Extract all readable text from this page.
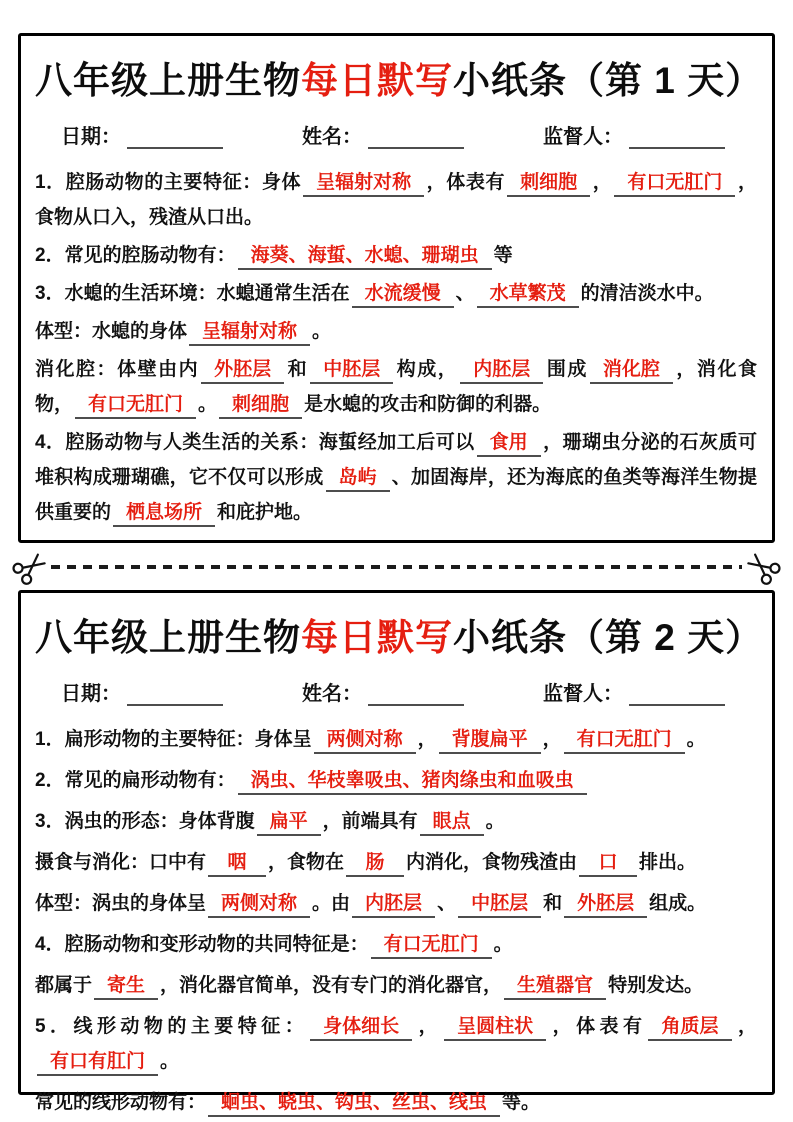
八年级上册生物每日默写小纸条（第 1 天）
日期：	姓名：	监督人：

1．腔肠动物的主要特征：身体 呈辐射对称 ，体表有 刺细胞 ， 有口无肛门 ，食物从口入，残渣从口出。

2．常见的腔肠动物有： 海葵、海蜇、水螅、珊瑚虫 等

3．水螅的生活环境：水螅通常生活在 水流缓慢 、 水草繁茂 的清洁淡水中。

体型：水螅的身体 呈辐射对称 。

消化腔：体壁由内 外胚层 和 中胚层 构成， 内胚层 围成 消化腔 ，消化食物， 有口无肛门 。 刺细胞 是水螅的攻击和防御的利器。

4．腔肠动物与人类生活的关系：海蜇经加工后可以 食用 ，珊瑚虫分泌的石灰质可堆积构成珊瑚礁，它不仅可以形成 岛屿 、加固海岸，还为海底的鱼类等海洋生物提供重要的 栖息场所 和庇护地。

八年级上册生物每日默写小纸条（第 2 天）
日期：	姓名：	监督人：

1．扁形动物的主要特征：身体呈 两侧对称 ， 背腹扁平 ， 有口无肛门 。

2．常见的扁形动物有： 涡虫、华枝睾吸虫、猪肉绦虫和血吸虫

3．涡虫的形态：身体背腹 扁平 ，前端具有 眼点 。

摄食与消化：口中有 咽 ，食物在 肠 内消化，食物残渣由 口 排出。

体型：涡虫的身体呈 两侧对称 。由 内胚层 、 中胚层 和 外胚层 组成。

4．腔肠动物和变形动物的共同特征是： 有口无肛门 。

都属于 寄生 ，消化器官简单，没有专门的消化器官， 生殖器官 特别发达。

5．线形动物的主要特征： 身体细长 ， 呈圆柱状 ，体表有 角质层 ，有口有肛门 。

常见的线形动物有： 蛔虫、蛲虫、钩虫、丝虫、线虫 等。
